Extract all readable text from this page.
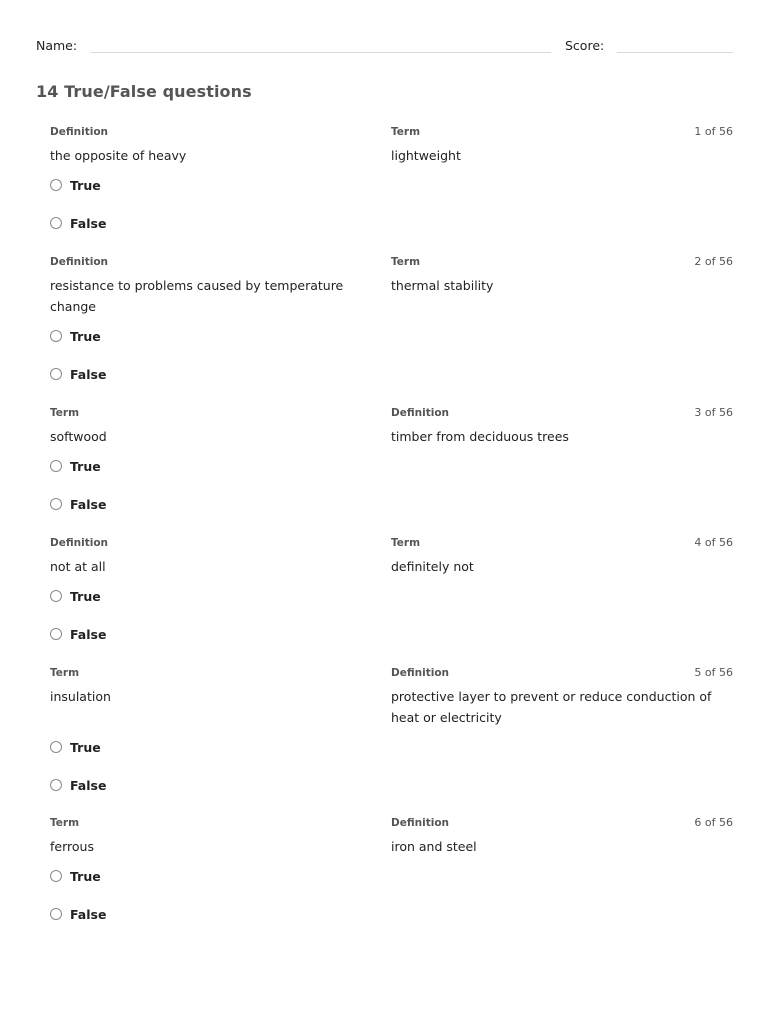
Name:	Score:
14 True/False questions
Definition
the opposite of heavy
Term
lightweight
1 of 56
True
False
Definition
resistance to problems caused by temperature change
Term
thermal stability
2 of 56
True
False
Term
softwood
Definition
timber from deciduous trees
3 of 56
True
False
Definition
not at all
Term
definitely not
4 of 56
True
False
Term
insulation
Definition
protective layer to prevent or reduce conduction of heat or electricity
5 of 56
True
False
Term
ferrous
Definition
iron and steel
6 of 56
True
False
